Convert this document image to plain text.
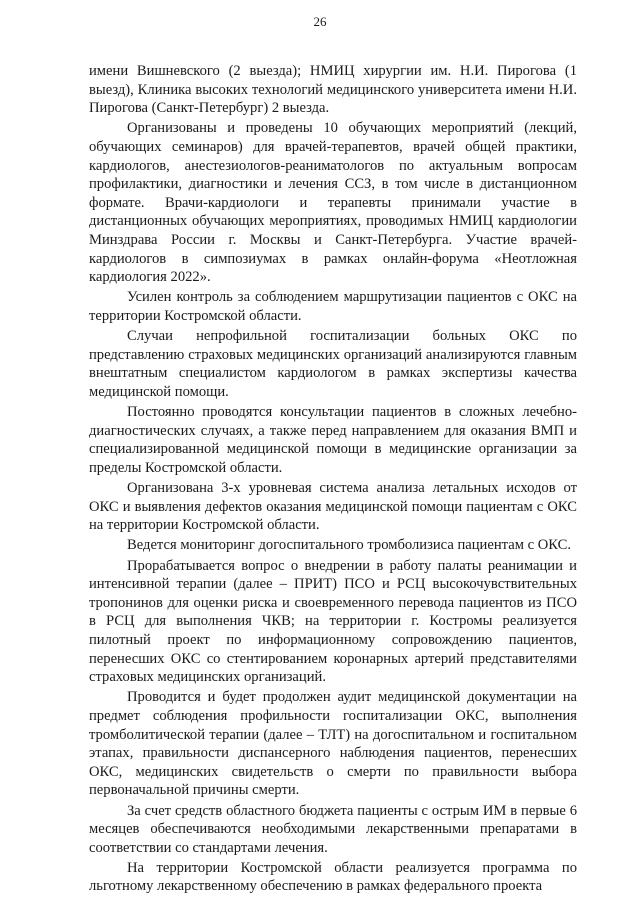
26

имени Вишневского (2 выезда); НМИЦ хирургии им. Н.И. Пирогова (1 выезд), Клиника высоких технологий медицинского университета имени Н.И. Пирогова (Санкт-Петербург) 2 выезда.

Организованы и проведены 10 обучающих мероприятий (лекций, обучающих семинаров) для врачей-терапевтов, врачей общей практики, кардиологов, анестезиологов-реаниматологов по актуальным вопросам профилактики, диагностики и лечения ССЗ, в том числе в дистанционном формате. Врачи-кардиологи и терапевты принимали участие в дистанционных обучающих мероприятиях, проводимых НМИЦ кардиологии Минздрава России г. Москвы и Санкт-Петербурга. Участие врачей-кардиологов в симпозиумах в рамках онлайн-форума «Неотложная кардиология 2022».

Усилен контроль за соблюдением маршрутизации пациентов с ОКС на территории Костромской области.

Случаи непрофильной госпитализации больных ОКС по представлению страховых медицинских организаций анализируются главным внештатным специалистом кардиологом в рамках экспертизы качества медицинской помощи.

Постоянно проводятся консультации пациентов в сложных лечебно-диагностических случаях, а также перед направлением для оказания ВМП и специализированной медицинской помощи в медицинские организации за пределы Костромской области.

Организована 3-х уровневая система анализа летальных исходов от ОКС и выявления дефектов оказания медицинской помощи пациентам с ОКС на территории Костромской области.

Ведется мониторинг догоспитального тромболизиса пациентам с ОКС.

Прорабатывается вопрос о внедрении в работу палаты реанимации и интенсивной терапии (далее – ПРИТ) ПСО и РСЦ высокочувствительных тропонинов для оценки риска и своевременного перевода пациентов из ПСО в РСЦ для выполнения ЧКВ; на территории г. Костромы реализуется пилотный проект по информационному сопровождению пациентов, перенесших ОКС со стентированием коронарных артерий представителями страховых медицинских организаций.

Проводится и будет продолжен аудит медицинской документации на предмет соблюдения профильности госпитализации ОКС, выполнения тромболитической терапии (далее – ТЛТ) на догоспитальном и госпитальном этапах, правильности диспансерного наблюдения пациентов, перенесших ОКС, медицинских свидетельств о смерти по правильности выбора первоначальной причины смерти.

За счет средств областного бюджета пациенты с острым ИМ в первые 6 месяцев обеспечиваются необходимыми лекарственными препаратами в соответствии со стандартами лечения.

На территории Костромской области реализуется программа по льготному лекарственному обеспечению в рамках федерального проекта
